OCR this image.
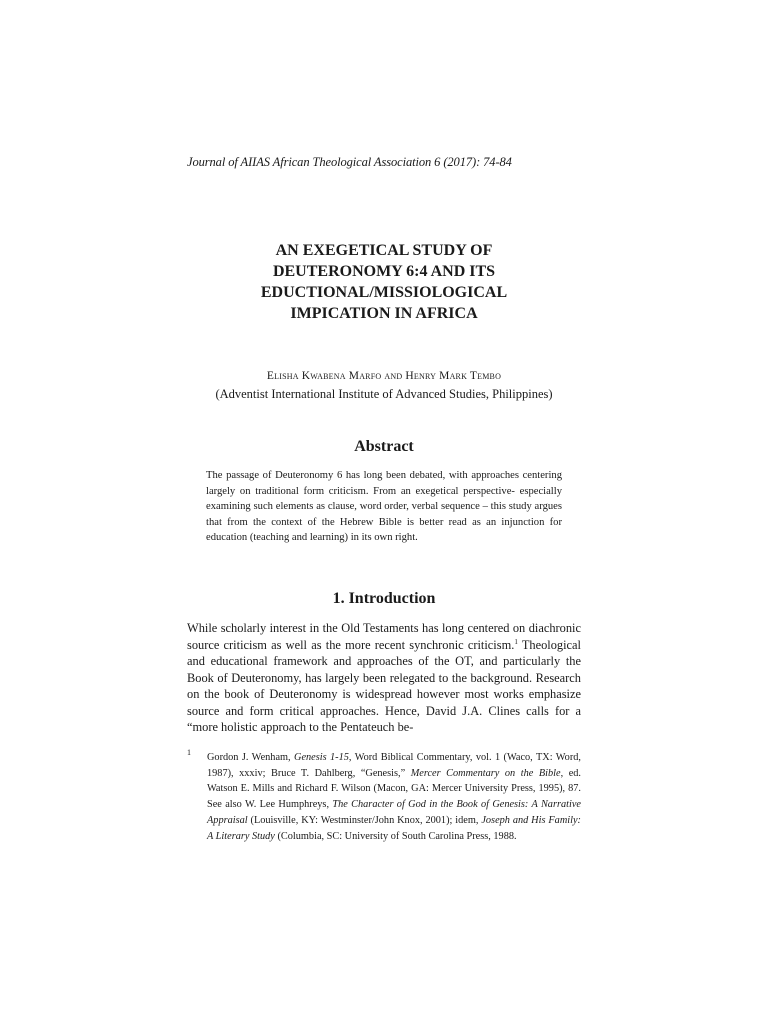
Journal of AIIAS African Theological Association 6 (2017): 74-84
AN EXEGETICAL STUDY OF
DEUTERONOMY 6:4 AND ITS
EDUCTIONAL/MISSIOLOGICAL
IMPICATION IN AFRICA
Elisha Kwabena Marfo and Henry Mark Tembo
(Adventist International Institute of Advanced Studies, Philippines)
Abstract
The passage of Deuteronomy 6 has long been debated, with approaches centering largely on traditional form criticism. From an exegetical perspective- especially examining such elements as clause, word order, verbal sequence – this study argues that from the context of the Hebrew Bible is better read as an injunction for education (teaching and learning) in its own right.
1. Introduction
While scholarly interest in the Old Testaments has long centered on diachronic source criticism as well as the more recent synchronic criticism.$^1$ Theological and educational framework and approaches of the OT, and particularly the Book of Deuteronomy, has largely been relegated to the background. Research on the book of Deuteronomy is widespread however most works emphasize source and form critical approaches. Hence, David J.A. Clines calls for a “more holistic approach to the Pentateuch be-
1 Gordon J. Wenham, Genesis 1-15, Word Biblical Commentary, vol. 1 (Waco, TX: Word, 1987), xxxiv; Bruce T. Dahlberg, “Genesis,” Mercer Commentary on the Bible, ed. Watson E. Mills and Richard F. Wilson (Macon, GA: Mercer University Press, 1995), 87. See also W. Lee Humphreys, The Character of God in the Book of Genesis: A Narrative Appraisal (Louisville, KY: Westminster/John Knox, 2001); idem, Joseph and His Family: A Literary Study (Columbia, SC: University of South Carolina Press, 1988.
